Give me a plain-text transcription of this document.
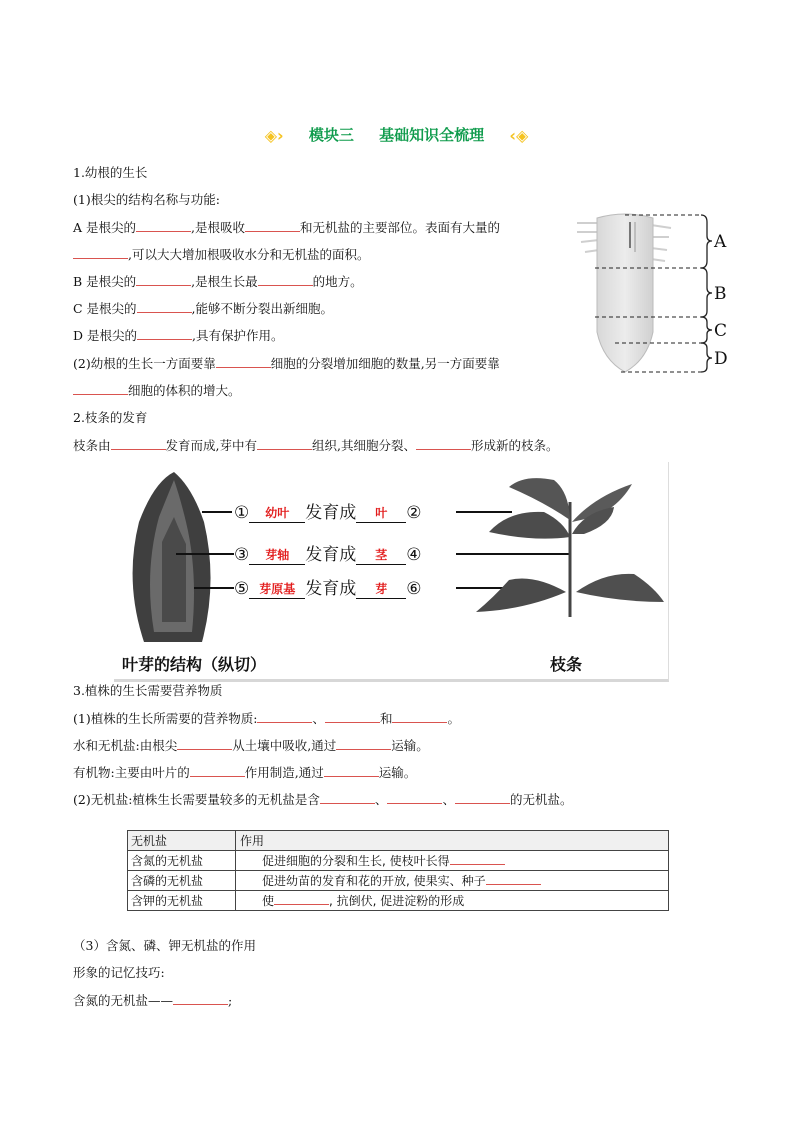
◈› 模块三 基础知识全梳理 ‹◈
1.幼根的生长
(1)根尖的结构名称与功能:
A 是根尖的	,是根吸收	和无机盐的主要部位。表面有大量的
,可以大大增加根吸收水分和无机盐的面积。
B 是根尖的	,是根生长最	的地方。
C 是根尖的	,能够不断分裂出新细胞。
D 是根尖的	,具有保护作用。
(2)幼根的生长一方面要靠	细胞的分裂增加细胞的数量,另一方面要靠
细胞的体积的增大。
A
B
C
D
2.枝条的发育
枝条由	发育而成,芽中有	组织,其细胞分裂、	形成新的枝条。
① 幼叶 发育成 叶 ②
③ 芽轴 发育成 茎 ④
⑤ 芽原基 发育成 芽 ⑥
叶芽的结构（纵切）	枝条
3.植株的生长需要营养物质
(1)植株的生长所需要的营养物质:	、	和	。
水和无机盐:由根尖	从土壤中吸收,通过	运输。
有机物:主要由叶片的	作用制造,通过	运输。
(2)无机盐:植株生长需要量较多的无机盐是含	、	、	的无机盐。
无机盐	作用
含氮的无机盐	促进细胞的分裂和生长, 使枝叶长得
含磷的无机盐	促进幼苗的发育和花的开放, 使果实、种子
含钾的无机盐	使 , 抗倒伏, 促进淀粉的形成
（3）含氮、磷、钾无机盐的作用
形象的记忆技巧:
含氮的无机盐——	;
